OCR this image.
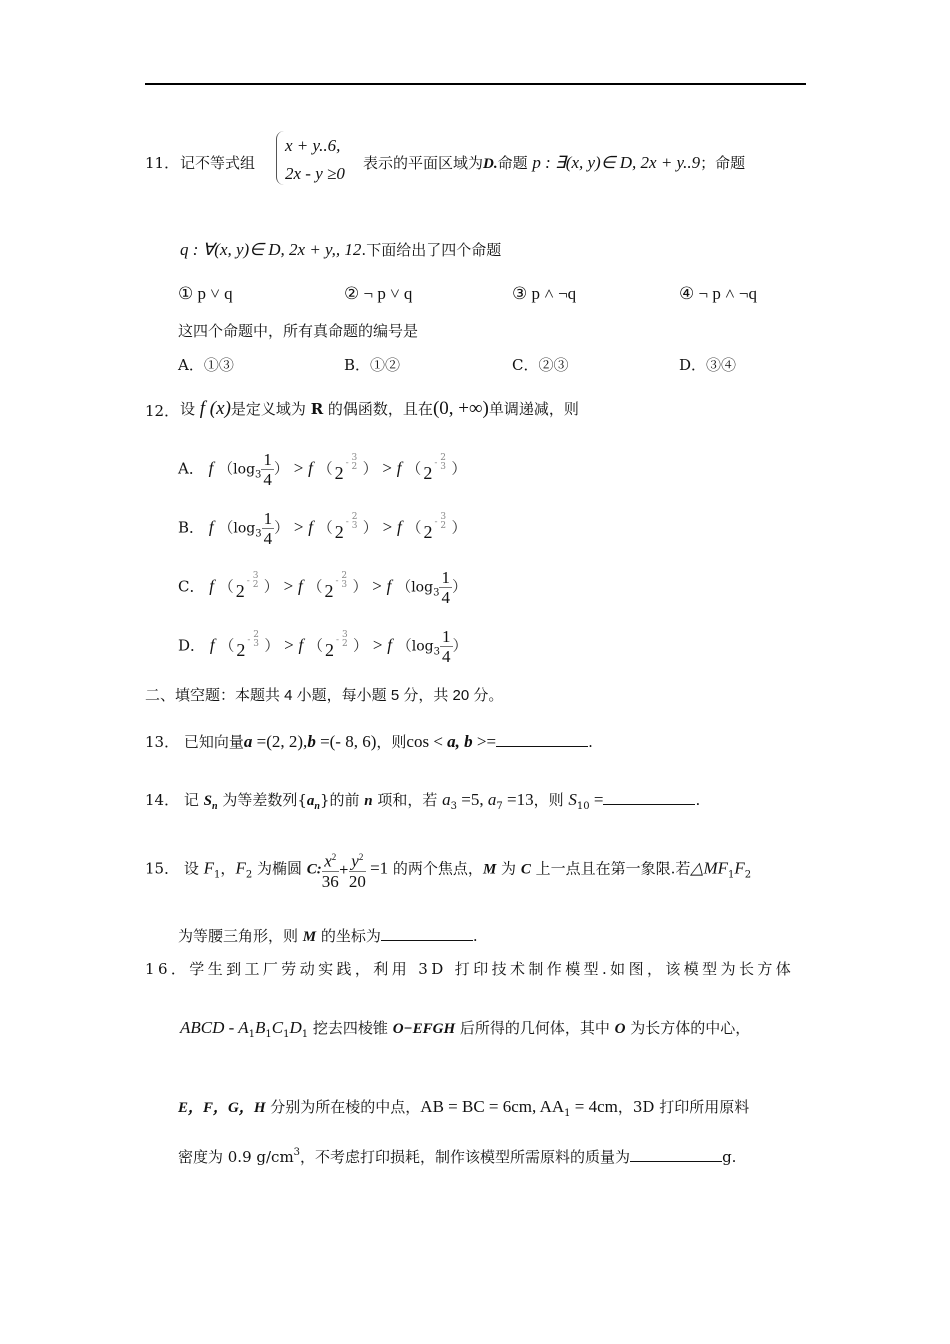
11． 记不等式组
x + y..6,
2x - y ≥0
表示的平面区域为D.命题 p : ∃(x, y)∈ D, 2x + y..9；命题
q : ∀(x, y)∈ D, 2x + y,, 12.下面给出了四个命题
① p ˅ q	② ¬ p ˅ q	③ p ˄ ¬q	④ ¬ p ˄ ¬q
这四个命题中，所有真命题的编号是
A．①③	B．①②	C．②③	D．③④
12． 设 f (x)是定义域为 R 的偶函数，且在(0, +∞)单调递减，则
A． f （$\log_3 \frac{1}{4}$ ） > f （ 2 -
3
2 ） > f （ 2 -
2
3 ）
B． f （$\log_3 \frac{1}{4}$ ） > f （ 2 -
2
3 ） > f （ 2 -
3
2 ）
C． f （ 2 -
3
2 ） > f （ 2 -
2
3 ） > f （$\log_3 \frac{1}{4}$ ）
D． f （ 2 -
2
3 ） > f （ 2 -
3
2 ） > f （$\log_3 \frac{1}{4}$ ）
二、填空题：本题共 4 小题，每小题 5 分，共 20 分。
13． 已知向量a =(2, 2),b =(- 8, 6)，则cos < a, b >=	.
14． 记 $S_n$ 为等差数列$\{a_n\}$的前 n 项和，若 $a_3 =5$, $a_7 =13$，则 $S_{10}$ =	.
15． 设 $F_1$，$F_2$ 为椭圆 C: $\frac{x^2}{36} + \frac{y^2}{20} =1$ 的两个焦点，M 为 C 上一点且在第一象限.若$\triangle MF_1F_2$
为等腰三角形，则 M 的坐标为	.
16．学生到工厂劳动实践，利用 3D 打印技术制作模型.如图，该模型为长方体
ABCD - $A_1B_1C_1D_1$ 挖去四棱锥 O−EFGH 后所得的几何体，其中 O 为长方体的中心，
E，F，G，H 分别为所在棱的中点，AB = BC = 6cm, $AA_1 = 4cm$，3D 打印所用原料
密度为 0.9 $g/cm^3$，不考虑打印损耗，制作该模型所需原料的质量为	g.
